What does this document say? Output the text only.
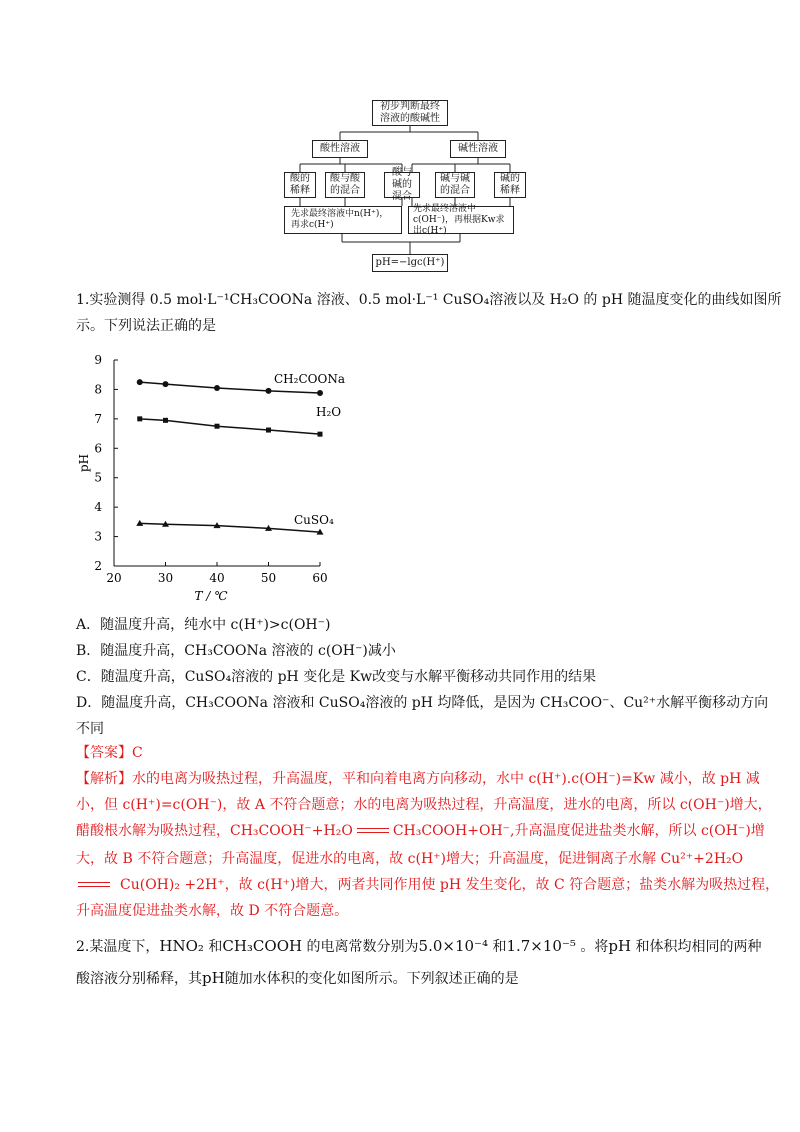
初步判断最终溶液的酸碱性
酸性溶液	碱性溶液
酸的稀释
酸与酸的混合
酸与碱的混合
碱与碱的混合
碱的稀释
先求最终溶液中n(H⁺)，再求c(H⁺)
先求最终溶液中c(OH⁻)，再根据Kw求出c(H⁺)
pH=−lgc(H⁺)
1.实验测得 0.5 mol·L⁻¹CH₃COONa 溶液、0.5 mol·L⁻¹ CuSO₄溶液以及 H₂O 的 pH 随温度变化的曲线如图所
示。下列说法正确的是
2
3
4
5
6
7
8
9
20	30	40	50	60
pH
T / ℃
CH₂COONa
H₂O
CuSO₄
A．随温度升高，纯水中 c(H⁺)>c(OH⁻)
B．随温度升高，CH₃COONa 溶液的 c(OH⁻)减小
C．随温度升高，CuSO₄溶液的 pH 变化是 Kw改变与水解平衡移动共同作用的结果
D．随温度升高，CH₃COONa 溶液和 CuSO₄溶液的 pH 均降低，是因为 CH₃COO⁻、Cu²⁺水解平衡移动方向
不同
【答案】C
【解析】水的电离为吸热过程，升高温度，平和向着电离方向移动，水中 c(H⁺).c(OH⁻)=Kw 减小，故 pH 减
小，但 c(H⁺)=c(OH⁻)，故 A 不符合题意；水的电离为吸热过程，升高温度，进水的电离，所以 c(OH⁻)增大，
醋酸根水解为吸热过程，CH₃COOH⁻+H₂O	CH₃COOH+OH⁻,升高温度促进盐类水解，所以 c(OH⁻)增
大，故 B 不符合题意；升高温度，促进水的电离，故 c(H⁺)增大；升高温度，促进铜离子水解 Cu²⁺+2H₂O
Cu(OH)₂ +2H⁺，故 c(H⁺)增大，两者共同作用使 pH 发生变化，故 C 符合题意；盐类水解为吸热过程，
升高温度促进盐类水解，故 D 不符合题意。
2.某温度下，HNO₂ 和CH₃COOH 的电离常数分别为5.0×10⁻⁴ 和1.7×10⁻⁵ 。将pH 和体积均相同的两种
酸溶液分别稀释，其pH随加水体积的变化如图所示。下列叙述正确的是
